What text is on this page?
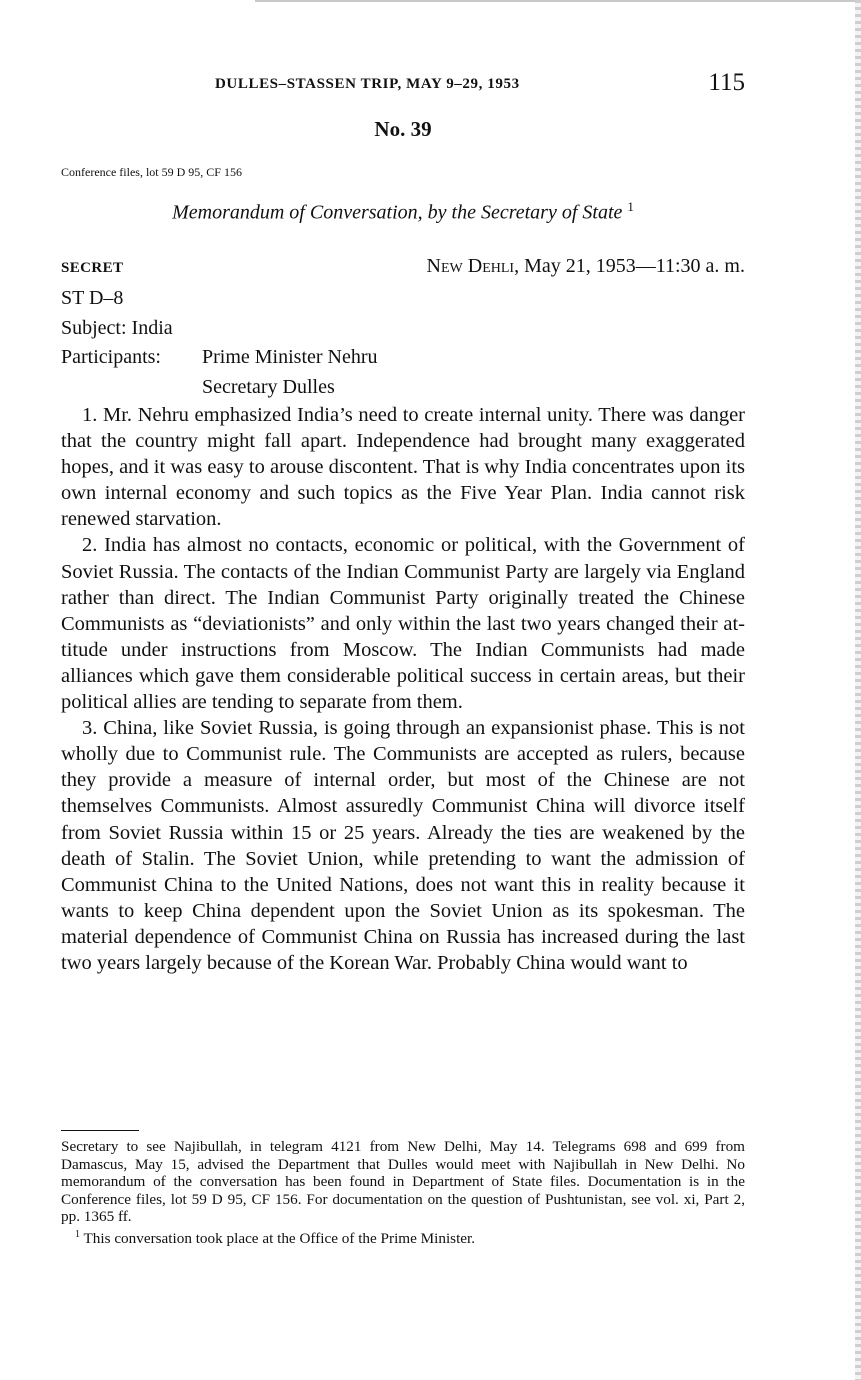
DULLES–STASSEN TRIP, MAY 9–29, 1953	115
No. 39
Conference files, lot 59 D 95, CF 156
Memorandum of Conversation, by the Secretary of State $^1$
SECRET	New Dehli, May 21, 1953—11:30 a. m.
ST D–8
Subject: India
Participants: Prime Minister Nehru
Secretary Dulles

1. Mr. Nehru emphasized India’s need to create internal unity. There was danger that the country might fall apart. Independence had brought many exaggerated hopes, and it was easy to arouse discontent. That is why India concentrates upon its own internal economy and such topics as the Five Year Plan. India cannot risk renewed starvation.

2. India has almost no contacts, economic or political, with the Government of Soviet Russia. The contacts of the Indian Communist Party are largely via England rather than direct. The Indian Communist Party originally treated the Chinese Communists as “deviationists” and only within the last two years changed their attitude under instructions from Moscow. The Indian Communists had made alliances which gave them considerable political success in certain areas, but their political allies are tending to separate from them.

3. China, like Soviet Russia, is going through an expansionist phase. This is not wholly due to Communist rule. The Communists are accepted as rulers, because they provide a measure of internal order, but most of the Chinese are not themselves Communists. Almost assuredly Communist China will divorce itself from Soviet Russia within 15 or 25 years. Already the ties are weakened by the death of Stalin. The Soviet Union, while pretending to want the admission of Communist China to the United Nations, does not want this in reality because it wants to keep China dependent upon the Soviet Union as its spokesman. The material dependence of Communist China on Russia has increased during the last two years largely because of the Korean War. Probably China would want to

Secretary to see Najibullah, in telegram 4121 from New Delhi, May 14. Telegrams 698 and 699 from Damascus, May 15, advised the Department that Dulles would meet with Najibullah in New Delhi. No memorandum of the conversation has been found in Department of State files. Documentation is in the Conference files, lot 59 D 95, CF 156. For documentation on the question of Pushtunistan, see vol. xi, Part 2, pp. 1365 ff.

$^1$ This conversation took place at the Office of the Prime Minister.
